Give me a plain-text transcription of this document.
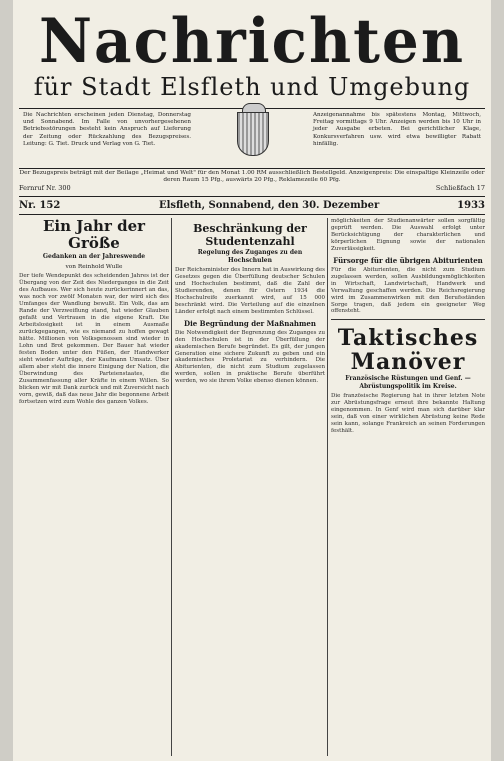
Nachrichten
für Stadt Elsfleth und Umgebung
Die Nachrichten erscheinen jeden Dienstag, Donnerstag und Sonnabend. Im Falle von unvorhergesehenen Betriebsstörungen besteht kein Anspruch auf Lieferung der Zeitung oder Rückzahlung des Bezugspreises. Leitung: G. Tiet. Druck und Verlag von G. Tiet.
Anzeigenannahme bis spätestens Montag, Mittwoch, Freitag vormittags 9 Uhr. Anzeigen werden bis 10 Uhr in jeder Ausgabe erbeten. Bei gerichtlicher Klage, Konkursverfahren usw. wird etwa bewilligter Rabatt hinfällig.
Der Bezugspreis beträgt mit der Beilage „Heimat und Welt" für den Monat 1.00 RM ausschließlich Bestellgeld. Anzeigenpreis: Die einspaltige Kleinzeile oder deren Raum 15 Pfg., auswärts 20 Pfg., Reklamezeile 60 Pfg.
Fernruf Nr. 300	Schließfach 17
Nr. 152	Elsfleth, Sonnabend, den 30. Dezember	1933
Ein Jahr der Größe
Gedanken an der Jahreswende
von Reinhold Wulle
Der tiefe Wendepunkt des scheidenden Jahres ist der Übergang von der Zeit des Niederganges in die Zeit des Aufbaues. Wer sich heute zurückerinnert an das, was noch vor zwölf Monaten war, der wird sich des Umfanges der Wandlung bewußt. Ein Volk, das am Rande der Verzweiflung stand, hat wieder Glauben gefaßt und Vertrauen in die eigene Kraft. Die Arbeitslosigkeit ist in einem Ausmaße zurückgegangen, wie es niemand zu hoffen gewagt hätte. Millionen von Volksgenossen sind wieder in Lohn und Brot gekommen. Der Bauer hat wieder festen Boden unter den Füßen, der Handwerker sieht wieder Aufträge, der Kaufmann Umsatz. Über allem aber steht die innere Einigung der Nation, die Überwindung des Parteienstaates, die Zusammenfassung aller Kräfte in einem Willen. So blicken wir mit Dank zurück und mit Zuversicht nach vorn, gewiß, daß das neue Jahr die begonnene Arbeit fortsetzen wird zum Wohle des ganzen Volkes.
Beschränkung der Studentenzahl
Regelung des Zuganges zu den Hochschulen
Der Reichsminister des Innern hat in Auswirkung des Gesetzes gegen die Überfüllung deutscher Schulen und Hochschulen bestimmt, daß die Zahl der Studierenden, denen für Ostern 1934 die Hochschulreife zuerkannt wird, auf 15 000 beschränkt wird. Die Verteilung auf die einzelnen Länder erfolgt nach einem bestimmten Schlüssel.
Die Begründung der Maßnahmen
Die Notwendigkeit der Begrenzung des Zuganges zu den Hochschulen ist in der Überfüllung der akademischen Berufe begründet. Es gilt, der jungen Generation eine sichere Zukunft zu geben und ein akademisches Proletariat zu verhindern. Die Abiturienten, die nicht zum Studium zugelassen werden, sollen in praktische Berufe überführt werden, wo sie ihrem Volke ebenso dienen können.
möglichkeiten der Studienanwärter sollen sorgfältig geprüft werden. Die Auswahl erfolgt unter Berücksichtigung der charakterlichen und körperlichen Eignung sowie der nationalen Zuverlässigkeit.
Fürsorge für die übrigen Abiturienten
Für die Abiturienten, die nicht zum Studium zugelassen werden, sollen Ausbildungsmöglichkeiten in Wirtschaft, Landwirtschaft, Handwerk und Verwaltung geschaffen werden. Die Reichsregierung wird im Zusammenwirken mit den Berufsständen Sorge tragen, daß jedem ein geeigneter Weg offensteht.
Taktisches Manöver
Französische Rüstungen und Genf. — Abrüstungspolitik im Kreise.
Die französische Regierung hat in ihrer letzten Note zur Abrüstungsfrage erneut ihre bekannte Haltung eingenommen. In Genf wird man sich darüber klar sein, daß von einer wirklichen Abrüstung keine Rede sein kann, solange Frankreich an seinen Forderungen festhält.
